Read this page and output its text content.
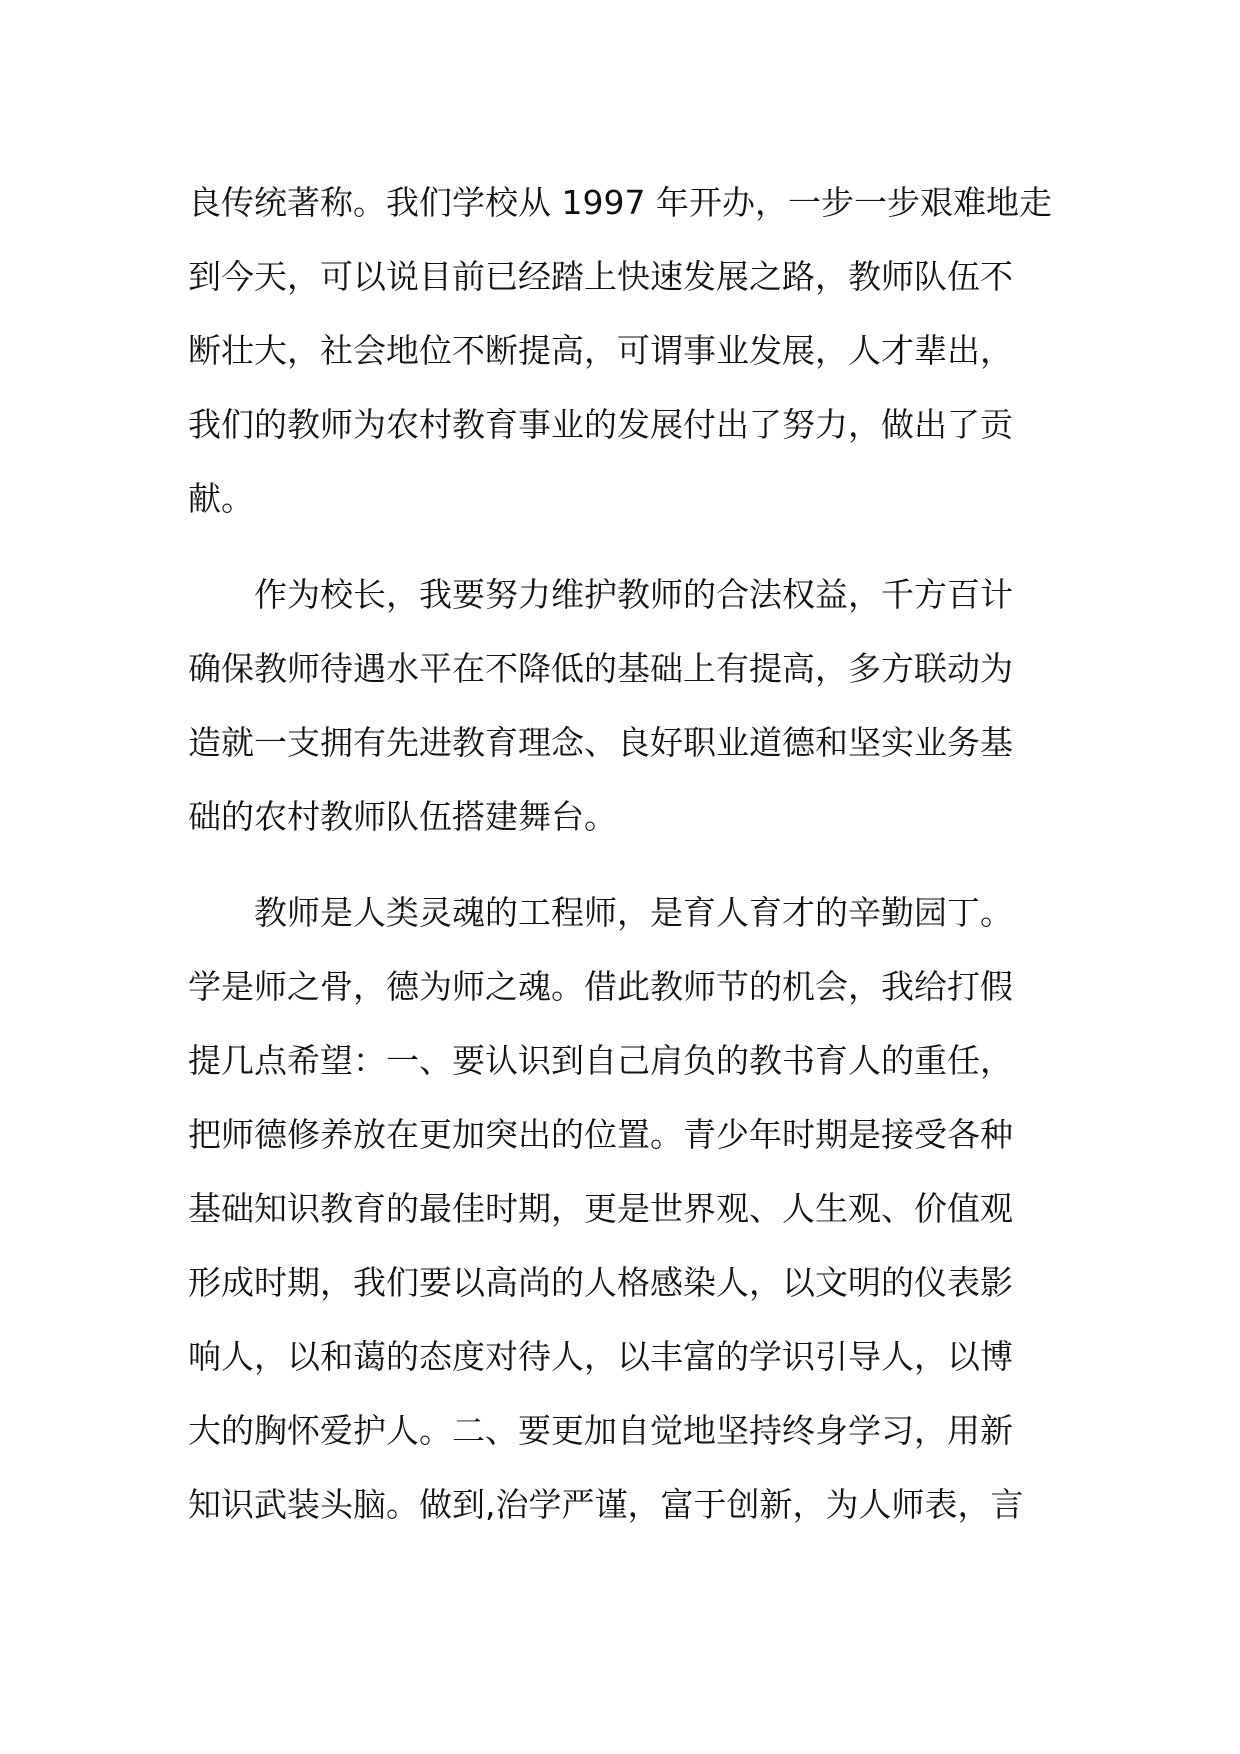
良传统著称。我们学校从 1997 年开办，一步一步艰难地走
到今天，可以说目前已经踏上快速发展之路，教师队伍不
断壮大，社会地位不断提高，可谓事业发展，人才辈出，
我们的教师为农村教育事业的发展付出了努力，做出了贡
献。
作为校长，我要努力维护教师的合法权益，千方百计
确保教师待遇水平在不降低的基础上有提高，多方联动为
造就一支拥有先进教育理念、良好职业道德和坚实业务基
础的农村教师队伍搭建舞台。
教师是人类灵魂的工程师，是育人育才的辛勤园丁。
学是师之骨，德为师之魂。借此教师节的机会，我给打假
提几点希望：一、要认识到自己肩负的教书育人的重任，
把师德修养放在更加突出的位置。青少年时期是接受各种
基础知识教育的最佳时期，更是世界观、人生观、价值观
形成时期，我们要以高尚的人格感染人，以文明的仪表影
响人，以和蔼的态度对待人，以丰富的学识引导人，以博
大的胸怀爱护人。二、要更加自觉地坚持终身学习，用新
知识武装头脑。做到,治学严谨，富于创新，为人师表，言
